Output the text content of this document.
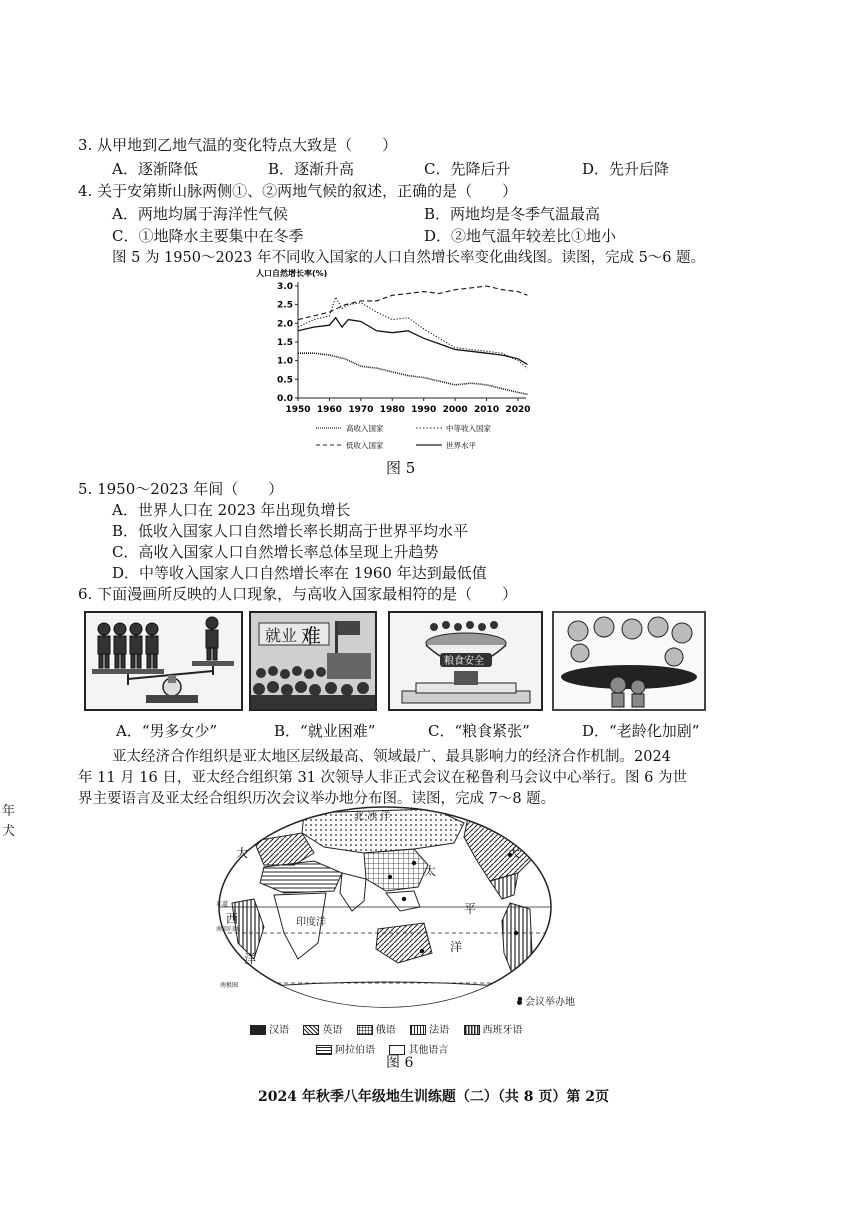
3. 从甲地到乙地气温的变化特点大致是（　　）
A．逐渐降低	B．逐渐升高	C．先降后升	D．先升后降
4. 关于安第斯山脉两侧①、②两地气候的叙述，正确的是（　　）
A．两地均属于海洋性气候	B．两地均是冬季气温最高
C．①地降水主要集中在冬季	D．②地气温年较差比①地小
图 5 为 1950～2023 年不同收入国家的人口自然增长率变化曲线图。读图，完成 5～6 题。
人口自然增长率(%)
0.0
0.5
1.0
1.5
2.0
2.5
3.0
1950 1960 1970 1980 1990 2000 2010 2020
高收入国家	中等收入国家
低收入国家	世界水平
图 5
5. 1950～2023 年间（　　）
A．世界人口在 2023 年出现负增长
B．低收入国家人口自然增长率长期高于世界平均水平
C．高收入国家人口自然增长率总体呈现上升趋势
D．中等收入国家人口自然增长率在 1960 年达到最低值
6. 下面漫画所反映的人口现象，与高收入国家最相符的是（　　）
就业 难
粮食安全
A．“男多女少”	B．“就业困难”	C．“粮食紧张”	D．“老龄化加剧”
亚太经济合作组织是亚太地区层级最高、领域最广、最具影响力的经济合作机制。2024
年 11 月 16 日，亚太经合组织第 31 次领导人非正式会议在秘鲁利马会议中心举行。图 6 为世
界主要语言及亚太经合组织历次会议举办地分布图。读图，完成 7～8 题。
年
犬
北 冰 洋
大	大
太
平
洋
西
洋
印度洋
赤道
南回归线
南极圈
会议举办地
汉语	英语	俄语	法语	西班牙语
阿拉伯语	其他语言
图 6
2024 年秋季八年级地生训练题（二）（共 8 页）第 2页
